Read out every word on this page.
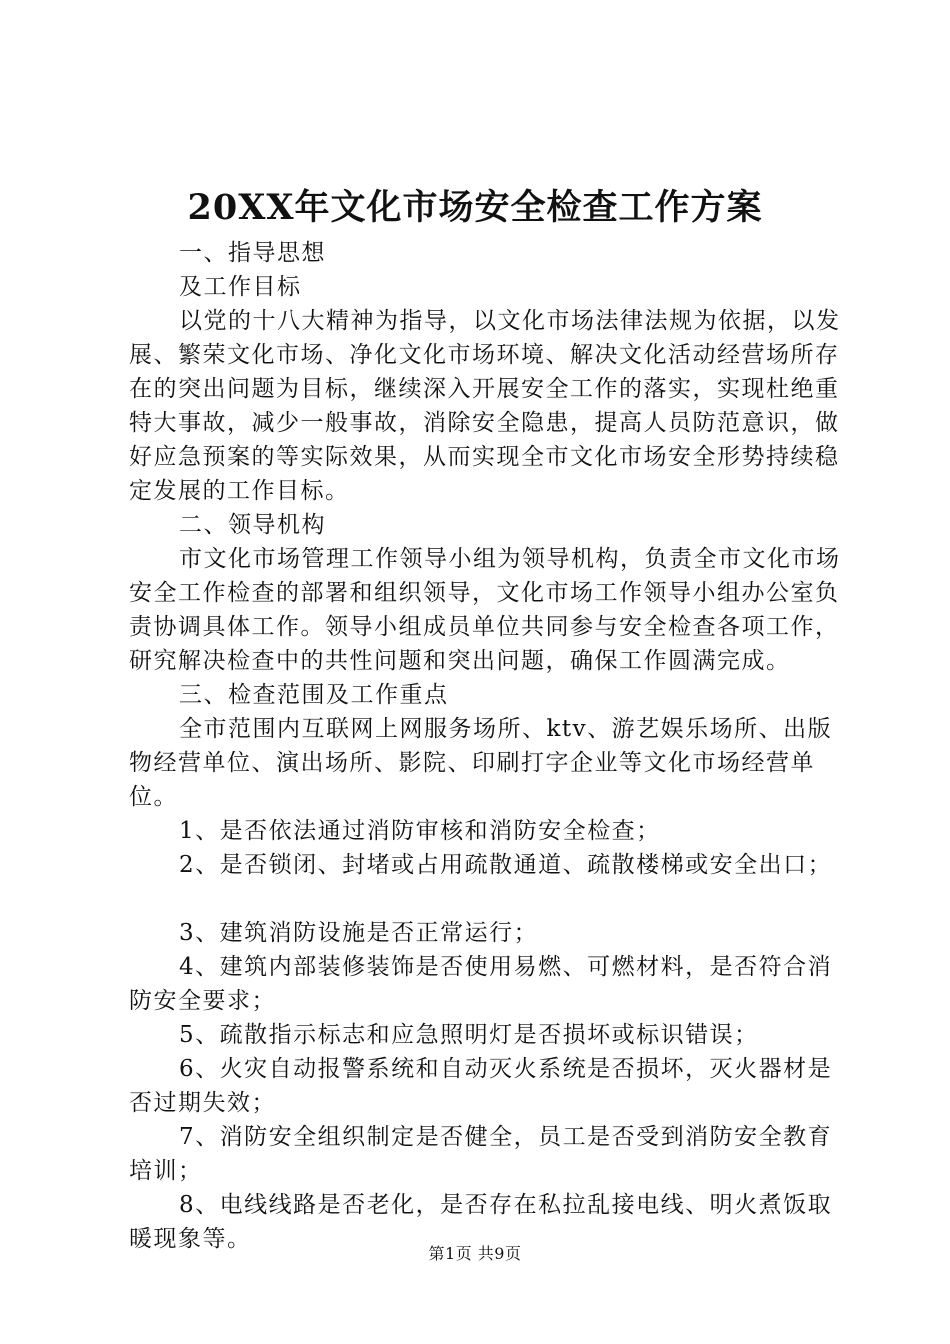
20XX年文化市场安全检查工作方案

一、指导思想

及工作目标

以党的十八大精神为指导，以文化市场法律法规为依据，以发展、繁荣文化市场、净化文化市场环境、解决文化活动经营场所存在的突出问题为目标，继续深入开展安全工作的落实，实现杜绝重特大事故，减少一般事故，消除安全隐患，提高人员防范意识，做好应急预案的等实际效果，从而实现全市文化市场安全形势持续稳定发展的工作目标。

二、领导机构

市文化市场管理工作领导小组为领导机构，负责全市文化市场安全工作检查的部署和组织领导，文化市场工作领导小组办公室负责协调具体工作。领导小组成员单位共同参与安全检查各项工作，研究解决检查中的共性问题和突出问题，确保工作圆满完成。

三、检查范围及工作重点

全市范围内互联网上网服务场所、ktv、游艺娱乐场所、出版物经营单位、演出场所、影院、印刷打字企业等文化市场经营单位。

1、是否依法通过消防审核和消防安全检查；

2、是否锁闭、封堵或占用疏散通道、疏散楼梯或安全出口；

3、建筑消防设施是否正常运行；

4、建筑内部装修装饰是否使用易燃、可燃材料，是否符合消防安全要求；

5、疏散指示标志和应急照明灯是否损坏或标识错误；

6、火灾自动报警系统和自动灭火系统是否损坏，灭火器材是否过期失效；

7、消防安全组织制定是否健全，员工是否受到消防安全教育培训；

8、电线线路是否老化，是否存在私拉乱接电线、明火煮饭取暖现象等。

第1页 共9页
